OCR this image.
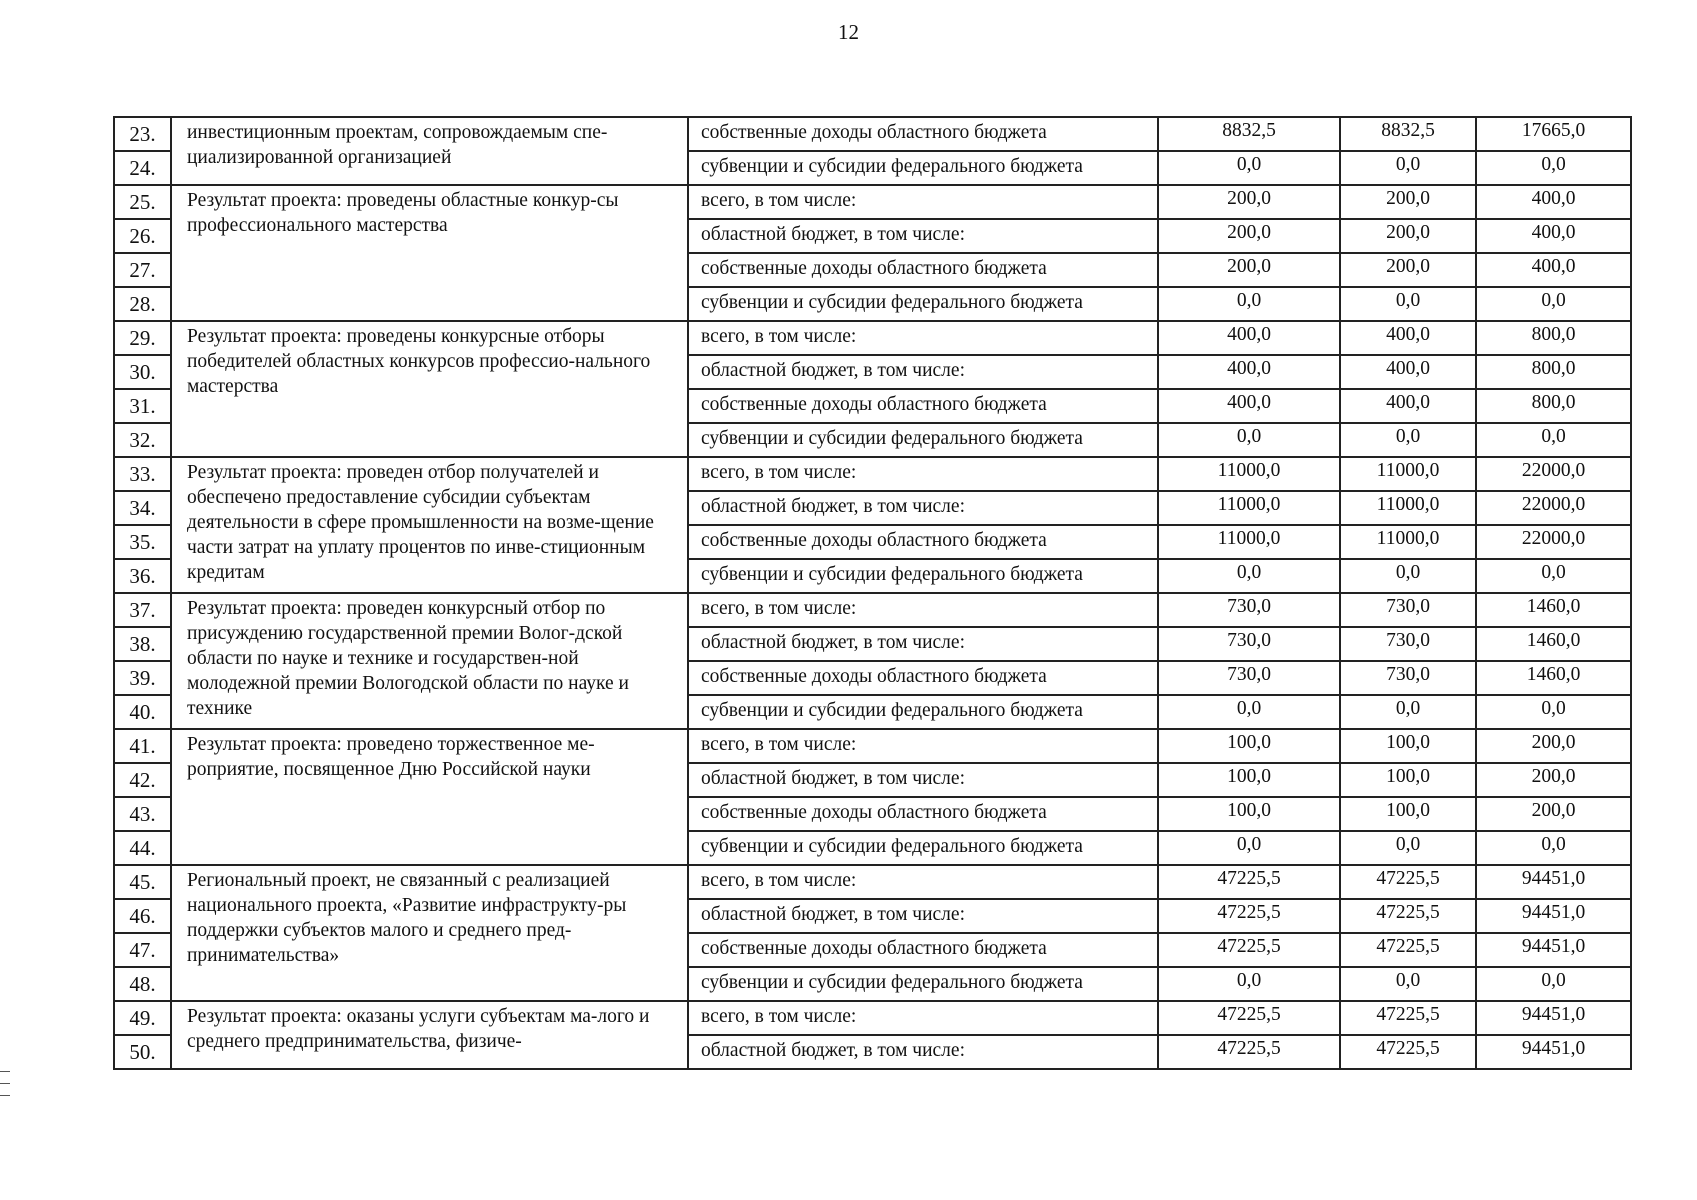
12
23.	инвестиционным проектам, сопровождаемым спе-циализированной организацией	собственные доходы областного бюджета	8832,5	8832,5	17665,0
24.		субвенции и субсидии федерального бюджета	0,0	0,0	0,0
25.	Результат проекта: проведены областные конкур-сы профессионального мастерства	всего, в том числе:	200,0	200,0	400,0
26.		областной бюджет, в том числе:	200,0	200,0	400,0
27.		собственные доходы областного бюджета	200,0	200,0	400,0
28.		субвенции и субсидии федерального бюджета	0,0	0,0	0,0
29.	Результат проекта: проведены конкурсные отборы победителей областных конкурсов профессио-нального мастерства	всего, в том числе:	400,0	400,0	800,0
30.		областной бюджет, в том числе:	400,0	400,0	800,0
31.		собственные доходы областного бюджета	400,0	400,0	800,0
32.		субвенции и субсидии федерального бюджета	0,0	0,0	0,0
33.	Результат проекта: проведен отбор получателей и обеспечено предоставление субсидии субъектам деятельности в сфере промышленности на возме-щение части затрат на уплату процентов по инве-стиционным кредитам	всего, в том числе:	11000,0	11000,0	22000,0
34.		областной бюджет, в том числе:	11000,0	11000,0	22000,0
35.		собственные доходы областного бюджета	11000,0	11000,0	22000,0
36.		субвенции и субсидии федерального бюджета	0,0	0,0	0,0
37.	Результат проекта: проведен конкурсный отбор по присуждению государственной премии Волог-дской области по науке и технике и государствен-ной молодежной премии Вологодской области по науке и технике	всего, в том числе:	730,0	730,0	1460,0
38.		областной бюджет, в том числе:	730,0	730,0	1460,0
39.		собственные доходы областного бюджета	730,0	730,0	1460,0
40.		субвенции и субсидии федерального бюджета	0,0	0,0	0,0
41.	Результат проекта: проведено торжественное ме-роприятие, посвященное Дню Российской науки	всего, в том числе:	100,0	100,0	200,0
42.		областной бюджет, в том числе:	100,0	100,0	200,0
43.		собственные доходы областного бюджета	100,0	100,0	200,0
44.		субвенции и субсидии федерального бюджета	0,0	0,0	0,0
45.	Региональный проект, не связанный с реализацией национального проекта, «Развитие инфраструкту-ры поддержки субъектов малого и среднего пред-принимательства»	всего, в том числе:	47225,5	47225,5	94451,0
46.		областной бюджет, в том числе:	47225,5	47225,5	94451,0
47.		собственные доходы областного бюджета	47225,5	47225,5	94451,0
48.		субвенции и субсидии федерального бюджета	0,0	0,0	0,0
49.	Результат проекта: оказаны услуги субъектам ма-лого и среднего предпринимательства, физиче-	всего, в том числе:	47225,5	47225,5	94451,0
50.		областной бюджет, в том числе:	47225,5	47225,5	94451,0
